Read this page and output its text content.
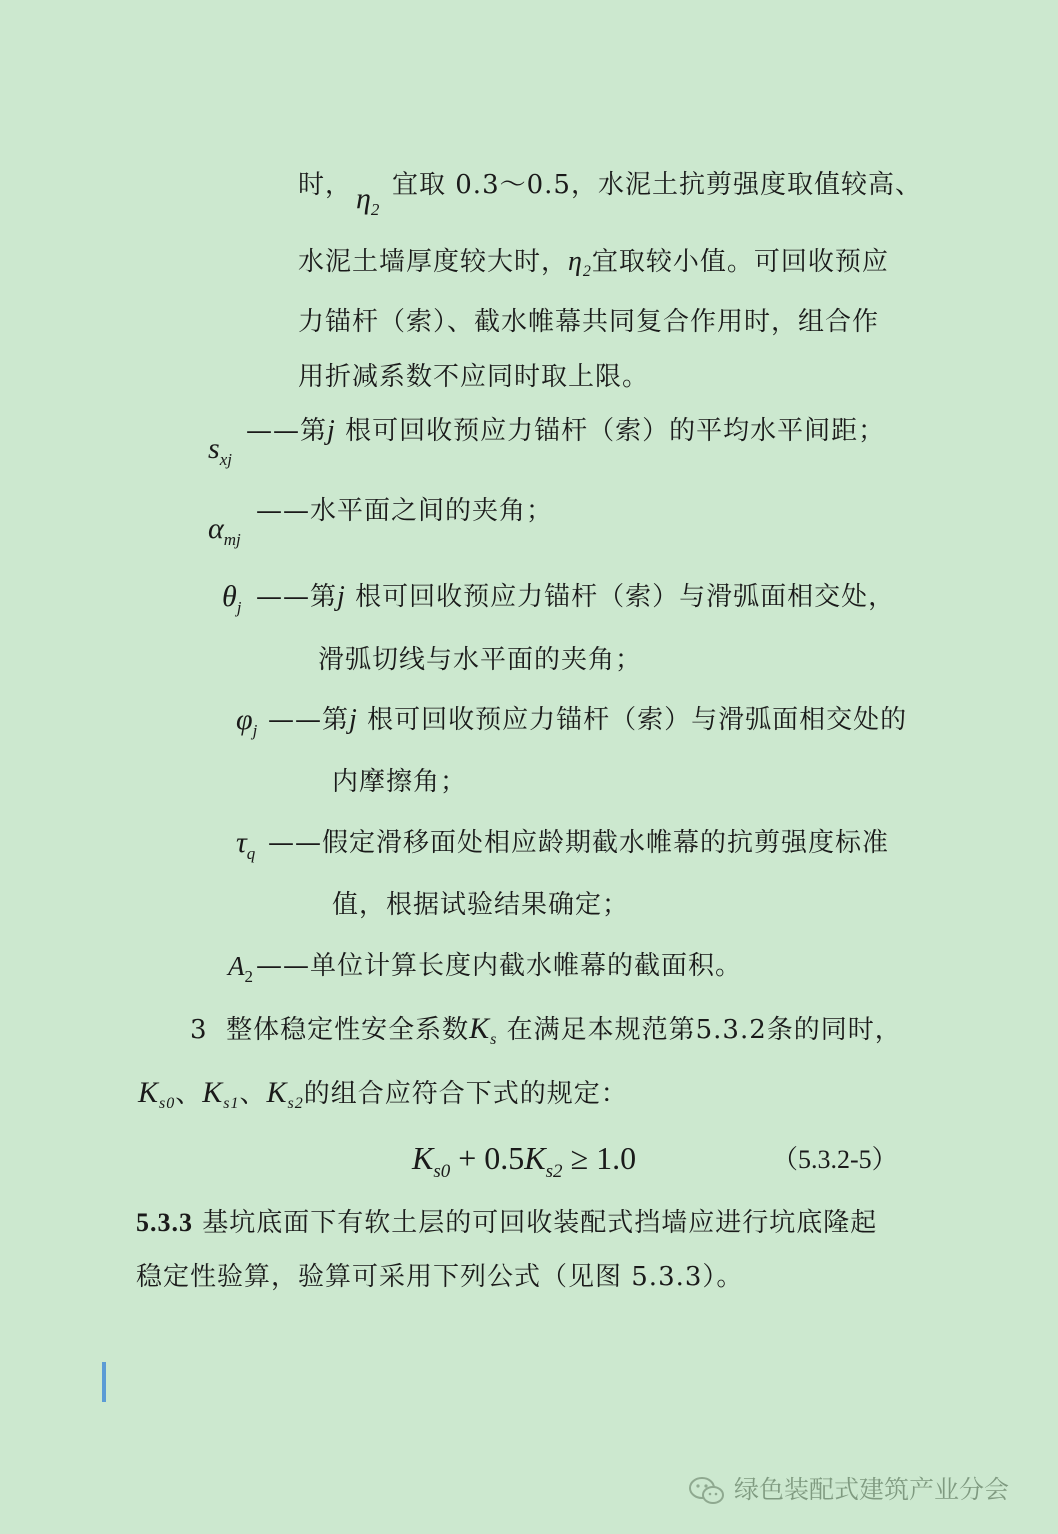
时， $\eta_2$
宜取 0.3～0.5，水泥土抗剪强度取值较高、
水泥土墙厚度较大时，$\eta_2$宜取较小值。可回收预应
力锚杆（索）、截水帷幕共同复合作用时，组合作
用折减系数不应同时取上限。
$s_{xj}$
——第j 根可回收预应力锚杆（索）的平均水平间距；
$\alpha_{mj}$
——水平面之间的夹角；
$\theta_j$ ——第j 根可回收预应力锚杆（索）与滑弧面相交处，
滑弧切线与水平面的夹角；
$\varphi_j$ ——第j 根可回收预应力锚杆（索）与滑弧面相交处的
内摩擦角；
$\tau_q$ ——假定滑移面处相应龄期截水帷幕的抗剪强度标准
值，根据试验结果确定；
$A_2$ ——单位计算长度内截水帷幕的截面积。
3 整体稳定性安全系数$K_s$ 在满足本规范第5.3.2条的同时，
$K_{s0}$、$K_{s1}$、$K_{s2}$的组合应符合下式的规定：
$K_{s0} + 0.5K_{s2} \ge 1.0$	（5.3.2-5）
5.3.3 基坑底面下有软土层的可回收装配式挡墙应进行坑底隆起
稳定性验算，验算可采用下列公式（见图 5.3.3）。
绿色装配式建筑产业分会
